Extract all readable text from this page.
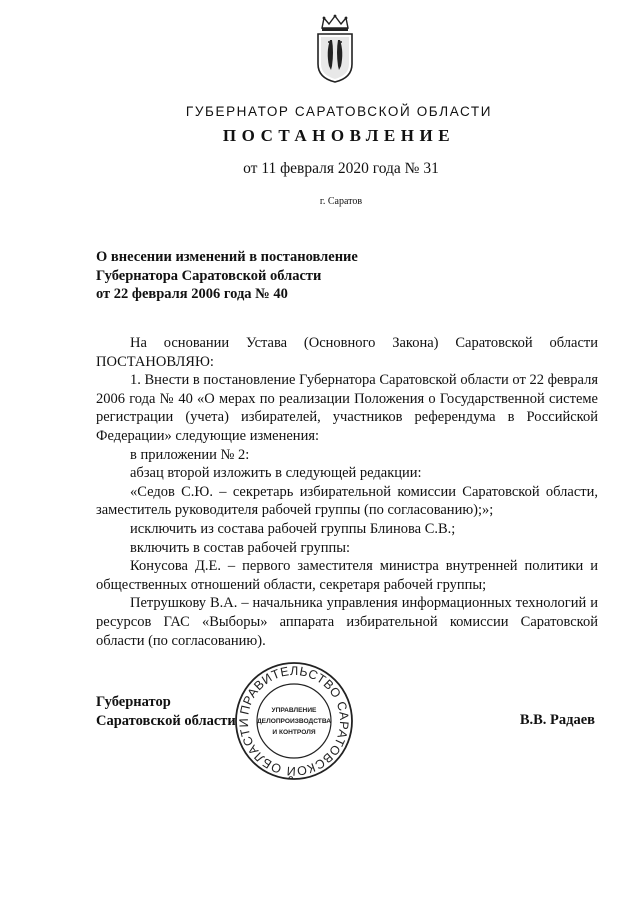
ГУБЕРНАТОР САРАТОВСКОЙ ОБЛАСТИ
ПОСТАНОВЛЕНИЕ
от 11 февраля 2020 года № 31
г. Саратов
О внесении изменений в постановление
Губернатора Саратовской области
от 22 февраля 2006 года № 40

На основании Устава (Основного Закона) Саратовской области ПОСТАНОВЛЯЮ:

1. Внести в постановление Губернатора Саратовской области от 22 февраля 2006 года № 40 «О мерах по реализации Положения о Государственной системе регистрации (учета) избирателей, участников референдума в Российской Федерации» следующие изменения:

в приложении № 2:

абзац второй изложить в следующей редакции:

«Седов С.Ю. – секретарь избирательной комиссии Саратовской области, заместитель руководителя рабочей группы (по согласованию);»;

исключить из состава рабочей группы Блинова С.В.;

включить в состав рабочей группы:

Конусова Д.Е. – первого заместителя министра внутренней политики и общественных отношений области, секретаря рабочей группы;

Петрушкову В.А. – начальника управления информационных технологий и ресурсов ГАС «Выборы» аппарата избирательной комиссии Саратовской области (по согласованию).

Губернатор
Саратовской области
ПРАВИТЕЛЬСТВО САРАТОВСКОЙ ОБЛАСТИ
УПРАВЛЕНИЕ
ДЕЛОПРОИЗВОДСТВА
И КОНТРОЛЯ
В.В. Радаев
